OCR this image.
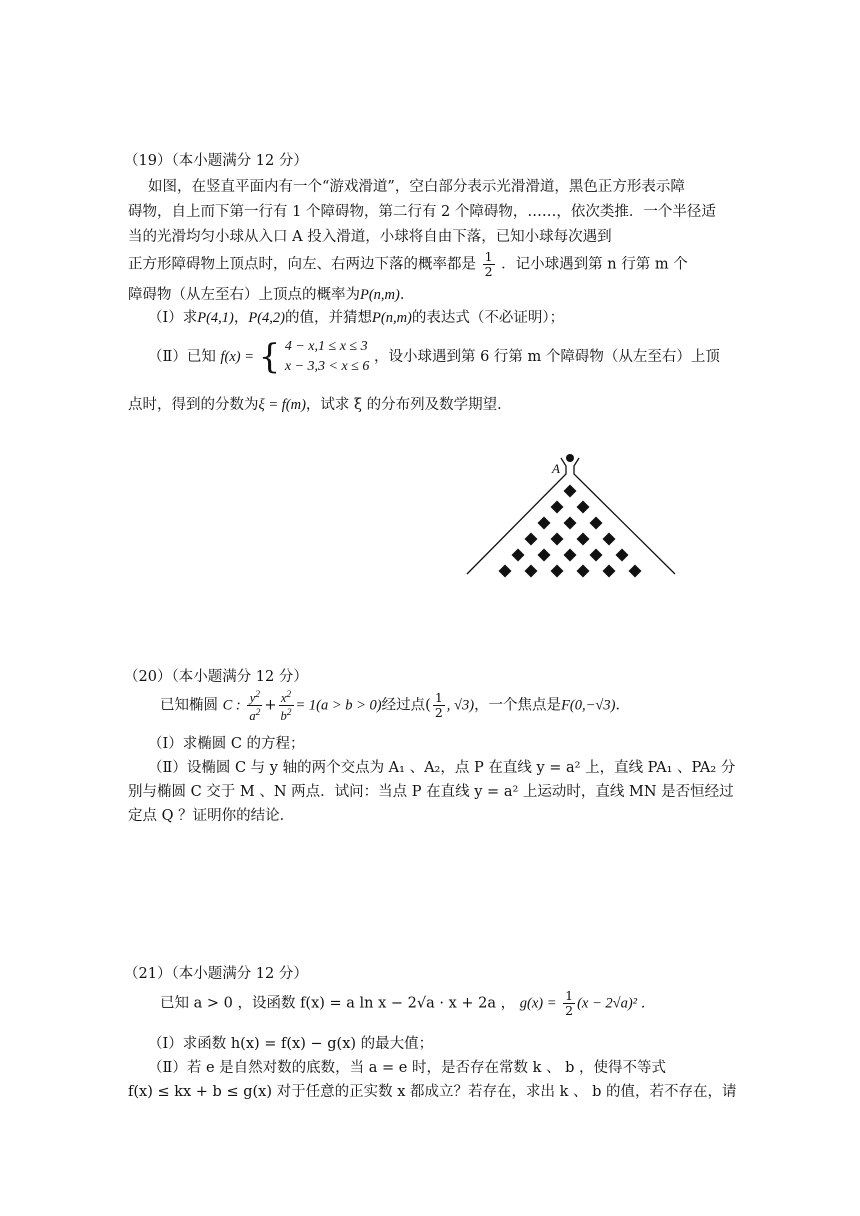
（19）（本小题满分 12 分）
如图，在竖直平面内有一个“游戏滑道”，空白部分表示光滑滑道，黑色正方形表示障
碍物，自上而下第一行有 1 个障碍物，第二行有 2 个障碍物，……，依次类推．一个半径适
当的光滑均匀小球从入口 A 投入滑道，小球将自由下落，已知小球每次遇到
正方形障碍物上顶点时，向左、右两边下落的概率都是 $\frac{1}{2}$ ．记小球遇到第 n 行第 m 个
障碍物（从左至右）上顶点的概率为P(n,m)．
（Ⅰ）求P(4,1)，P(4,2)的值，并猜想P(n,m)的表达式（不必证明）；
（Ⅱ）已知 f(x) = { 4 − x,1 ≤ x ≤ 3
x − 3,3 < x ≤ 6
，设小球遇到第 6 行第 m 个障碍物（从左至右）上顶
点时，得到的分数为ξ = f(m)，试求 ξ 的分布列及数学期望．
A
（20）（本小题满分 12 分）
已知椭圆 C : $\frac{y^2}{a^2} + \frac{x^2}{b^2} = 1(a > b > 0)$经过点( $\frac{1}{2}$ , √3)，一个焦点是F(0,−√3)．
（Ⅰ）求椭圆 C 的方程；
（Ⅱ）设椭圆 C 与 y 轴的两个交点为 A₁ 、A₂，点 P 在直线 y = a² 上，直线 PA₁ 、PA₂ 分
别与椭圆 C 交于 M 、N 两点．试问：当点 P 在直线 y = a² 上运动时，直线 MN 是否恒经过
定点 Q ？证明你的结论．
（21）（本小题满分 12 分）
已知 a > 0 ，设函数 f(x) = a ln x − 2√a · x + 2a ， $g(x) = \frac{1}{2} (x - 2√a)^2$ ．
（Ⅰ）求函数 h(x) = f(x) − g(x) 的最大值；
（Ⅱ）若 e 是自然对数的底数，当 a = e 时，是否存在常数 k 、 b ，使得不等式
f(x) ≤ kx + b ≤ g(x) 对于任意的正实数 x 都成立？若存在，求出 k 、 b 的值，若不存在，请
